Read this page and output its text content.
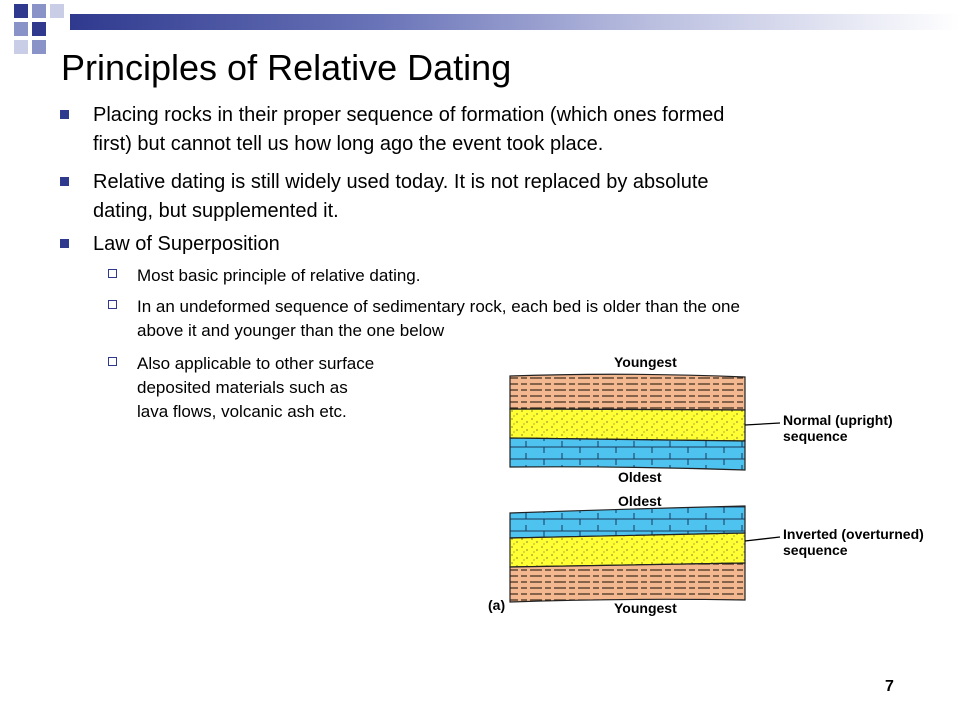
Principles of Relative Dating
Placing rocks in their proper sequence of formation (which ones formed
first) but cannot tell us how long ago the event took place.
Relative dating is still widely used today. It is not replaced by absolute
dating, but supplemented it.
Law of Superposition
Most basic principle of relative dating.
In an undeformed sequence of sedimentary rock, each bed is older than the one
above it and younger than the one below
Also applicable to other surface
deposited materials such as
lava flows, volcanic ash etc.
Youngest
Oldest
Normal (upright)
sequence
Oldest
(a)	Youngest
Inverted (overturned)
sequence
7
